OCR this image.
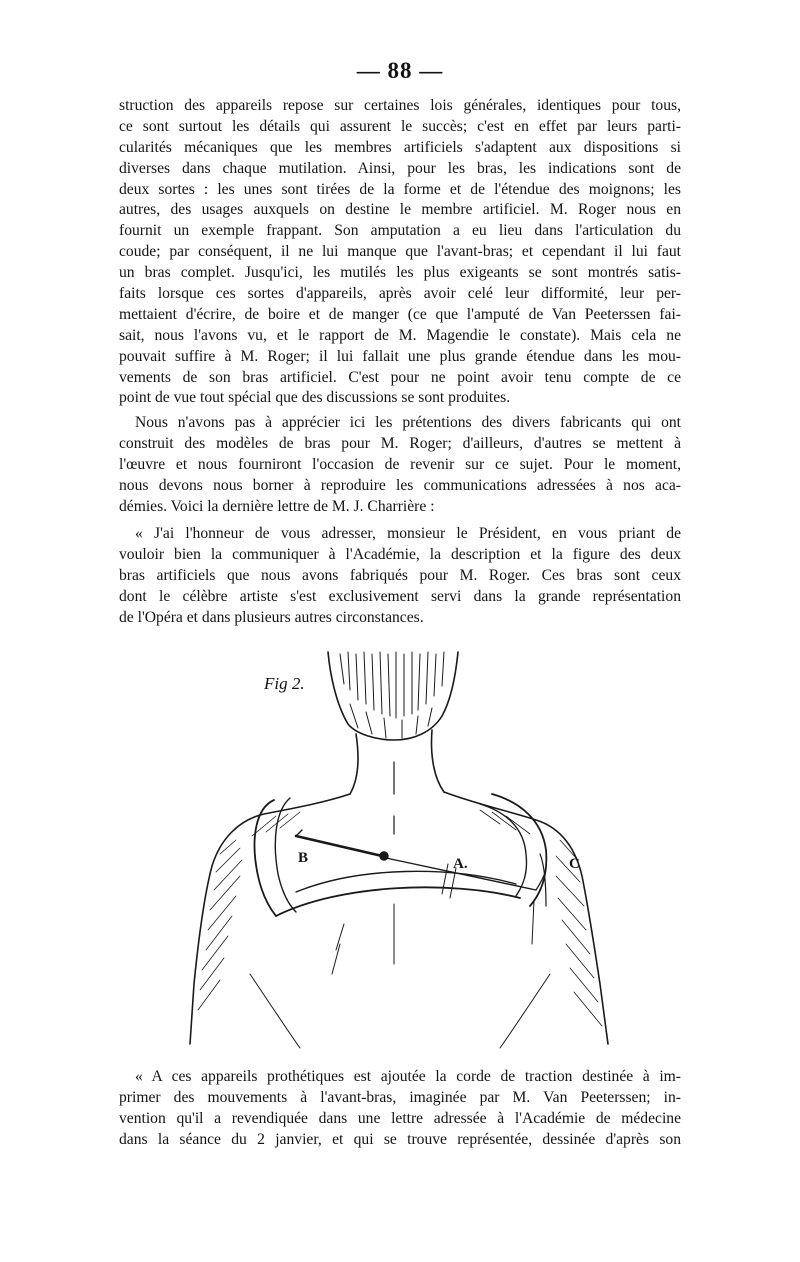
— 88 —
struction des appareils repose sur certaines lois générales, identiques pour tous,
ce sont surtout les détails qui assurent le succès; c'est en effet par leurs parti-
cularités mécaniques que les membres artificiels s'adaptent aux dispositions si
diverses dans chaque mutilation. Ainsi, pour les bras, les indications sont de
deux sortes : les unes sont tirées de la forme et de l'étendue des moignons; les
autres, des usages auxquels on destine le membre artificiel. M. Roger nous en
fournit un exemple frappant. Son amputation a eu lieu dans l'articulation du
coude; par conséquent, il ne lui manque que l'avant-bras; et cependant il lui faut
un bras complet. Jusqu'ici, les mutilés les plus exigeants se sont montrés satis-
faits lorsque ces sortes d'appareils, après avoir celé leur difformité, leur per-
mettaient d'écrire, de boire et de manger (ce que l'amputé de Van Peeterssen fai-
sait, nous l'avons vu, et le rapport de M. Magendie le constate). Mais cela ne
pouvait suffire à M. Roger; il lui fallait une plus grande étendue dans les mou-
vements de son bras artificiel. C'est pour ne point avoir tenu compte de ce
point de vue tout spécial que des discussions se sont produites.
Nous n'avons pas à apprécier ici les prétentions des divers fabricants qui ont
construit des modèles de bras pour M. Roger; d'ailleurs, d'autres se mettent à
l'œuvre et nous fourniront l'occasion de revenir sur ce sujet. Pour le moment,
nous devons nous borner à reproduire les communications adressées à nos aca-
démies. Voici la dernière lettre de M. J. Charrière :
« J'ai l'honneur de vous adresser, monsieur le Président, en vous priant de
vouloir bien la communiquer à l'Académie, la description et la figure des deux
bras artificiels que nous avons fabriqués pour M. Roger. Ces bras sont ceux
dont le célèbre artiste s'est exclusivement servi dans la grande représentation
de l'Opéra et dans plusieurs autres circonstances.
Fig 2.
B	A.	C
« A ces appareils prothétiques est ajoutée la corde de traction destinée à im-
primer des mouvements à l'avant-bras, imaginée par M. Van Peeterssen; in-
vention qu'il a revendiquée dans une lettre adressée à l'Académie de médecine
dans la séance du 2 janvier, et qui se trouve représentée, dessinée d'après son
